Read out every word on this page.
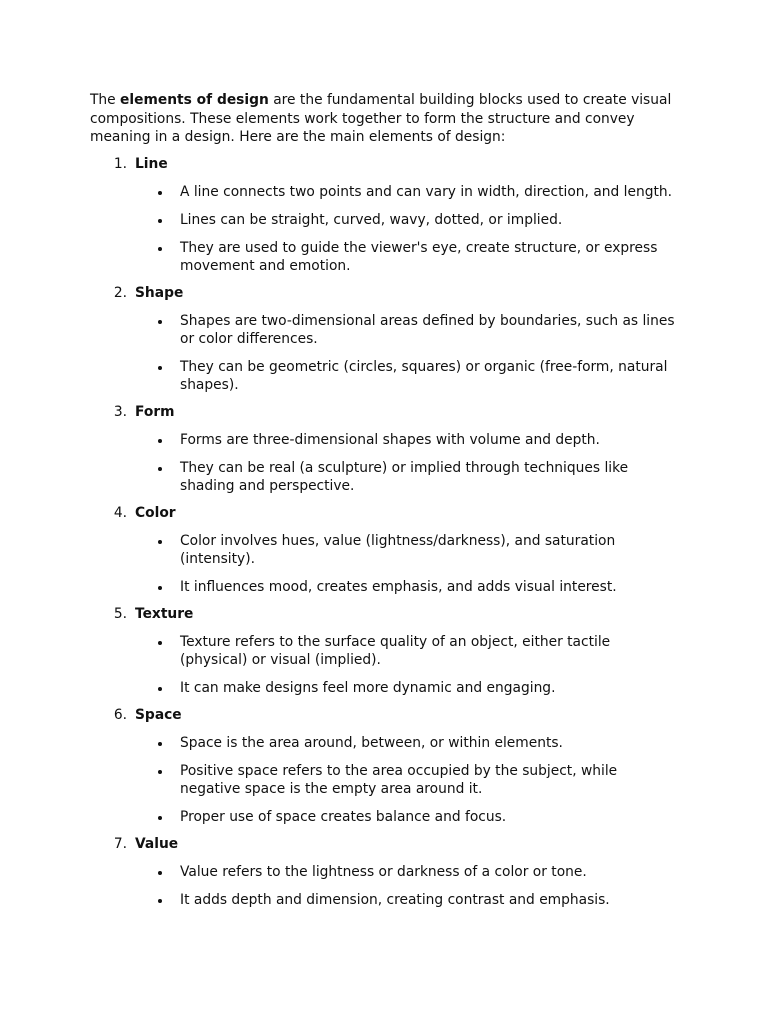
The elements of design are the fundamental building blocks used to create visual compositions. These elements work together to form the structure and convey meaning in a design. Here are the main elements of design:

1. Line
A line connects two points and can vary in width, direction, and length.
Lines can be straight, curved, wavy, dotted, or implied.
They are used to guide the viewer's eye, create structure, or express movement and emotion.
2. Shape
Shapes are two-dimensional areas defined by boundaries, such as lines or color differences.
They can be geometric (circles, squares) or organic (free-form, natural shapes).
3. Form
Forms are three-dimensional shapes with volume and depth.
They can be real (a sculpture) or implied through techniques like shading and perspective.
4. Color
Color involves hues, value (lightness/darkness), and saturation (intensity).
It influences mood, creates emphasis, and adds visual interest.
5. Texture
Texture refers to the surface quality of an object, either tactile (physical) or visual (implied).
It can make designs feel more dynamic and engaging.
6. Space
Space is the area around, between, or within elements.
Positive space refers to the area occupied by the subject, while negative space is the empty area around it.
Proper use of space creates balance and focus.
7. Value
Value refers to the lightness or darkness of a color or tone.
It adds depth and dimension, creating contrast and emphasis.
